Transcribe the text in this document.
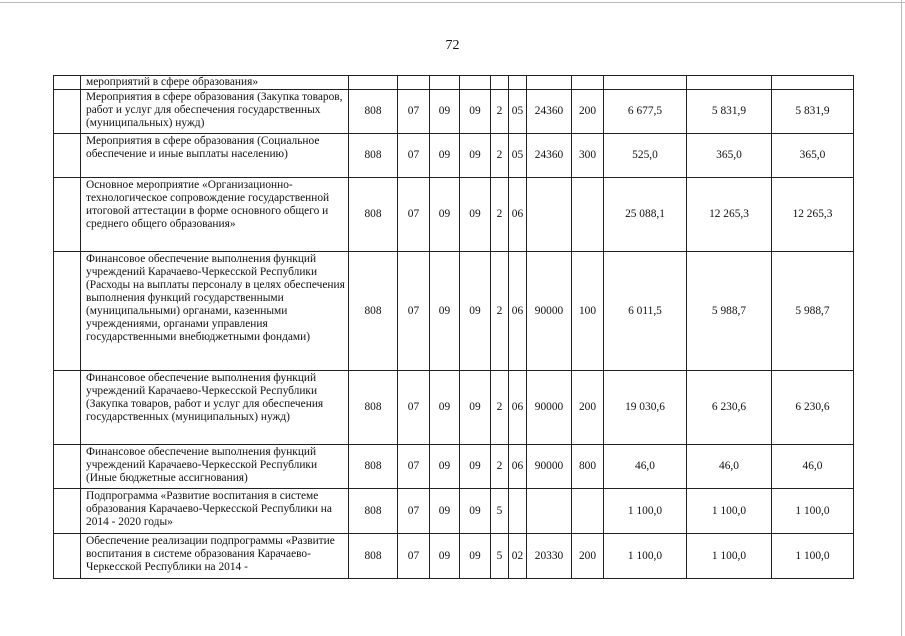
72
	мероприятий в сфере образования»											
	Мероприятия в сфере образования (Закупка товаров, работ и услуг для обеспечения государственных (муниципальных) нужд)	808	07	09	09	2	05	24360	200	6 677,5	5 831,9	5 831,9
	Мероприятия в сфере образования (Социальное обеспечение и иные выплаты населению)	808	07	09	09	2	05	24360	300	525,0	365,0	365,0
	Основное мероприятие «Организационно-технологическое сопровождение государственной итоговой аттестации в форме основного общего и среднего общего образования»	808	07	09	09	2	06			25 088,1	12 265,3	12 265,3
	Финансовое обеспечение выполнения функций учреждений Карачаево-Черкесской Республики (Расходы на выплаты персоналу в целях обеспечения выполнения функций государственными (муниципальными) органами, казенными учреждениями, органами управления государственными внебюджетными фондами)	808	07	09	09	2	06	90000	100	6 011,5	5 988,7	5 988,7
	Финансовое обеспечение выполнения функций учреждений Карачаево-Черкесской Республики (Закупка товаров, работ и услуг для обеспечения государственных (муниципальных) нужд)	808	07	09	09	2	06	90000	200	19 030,6	6 230,6	6 230,6
	Финансовое обеспечение выполнения функций учреждений Карачаево-Черкесской Республики (Иные бюджетные ассигнования)	808	07	09	09	2	06	90000	800	46,0	46,0	46,0
	Подпрограмма «Развитие воспитания в системе образования Карачаево-Черкесской Республики на 2014 - 2020 годы»	808	07	09	09	5				1 100,0	1 100,0	1 100,0
	Обеспечение реализации подпрограммы «Развитие воспитания в системе образования Карачаево-Черкесской Республики на 2014 -	808	07	09	09	5	02	20330	200	1 100,0	1 100,0	1 100,0
